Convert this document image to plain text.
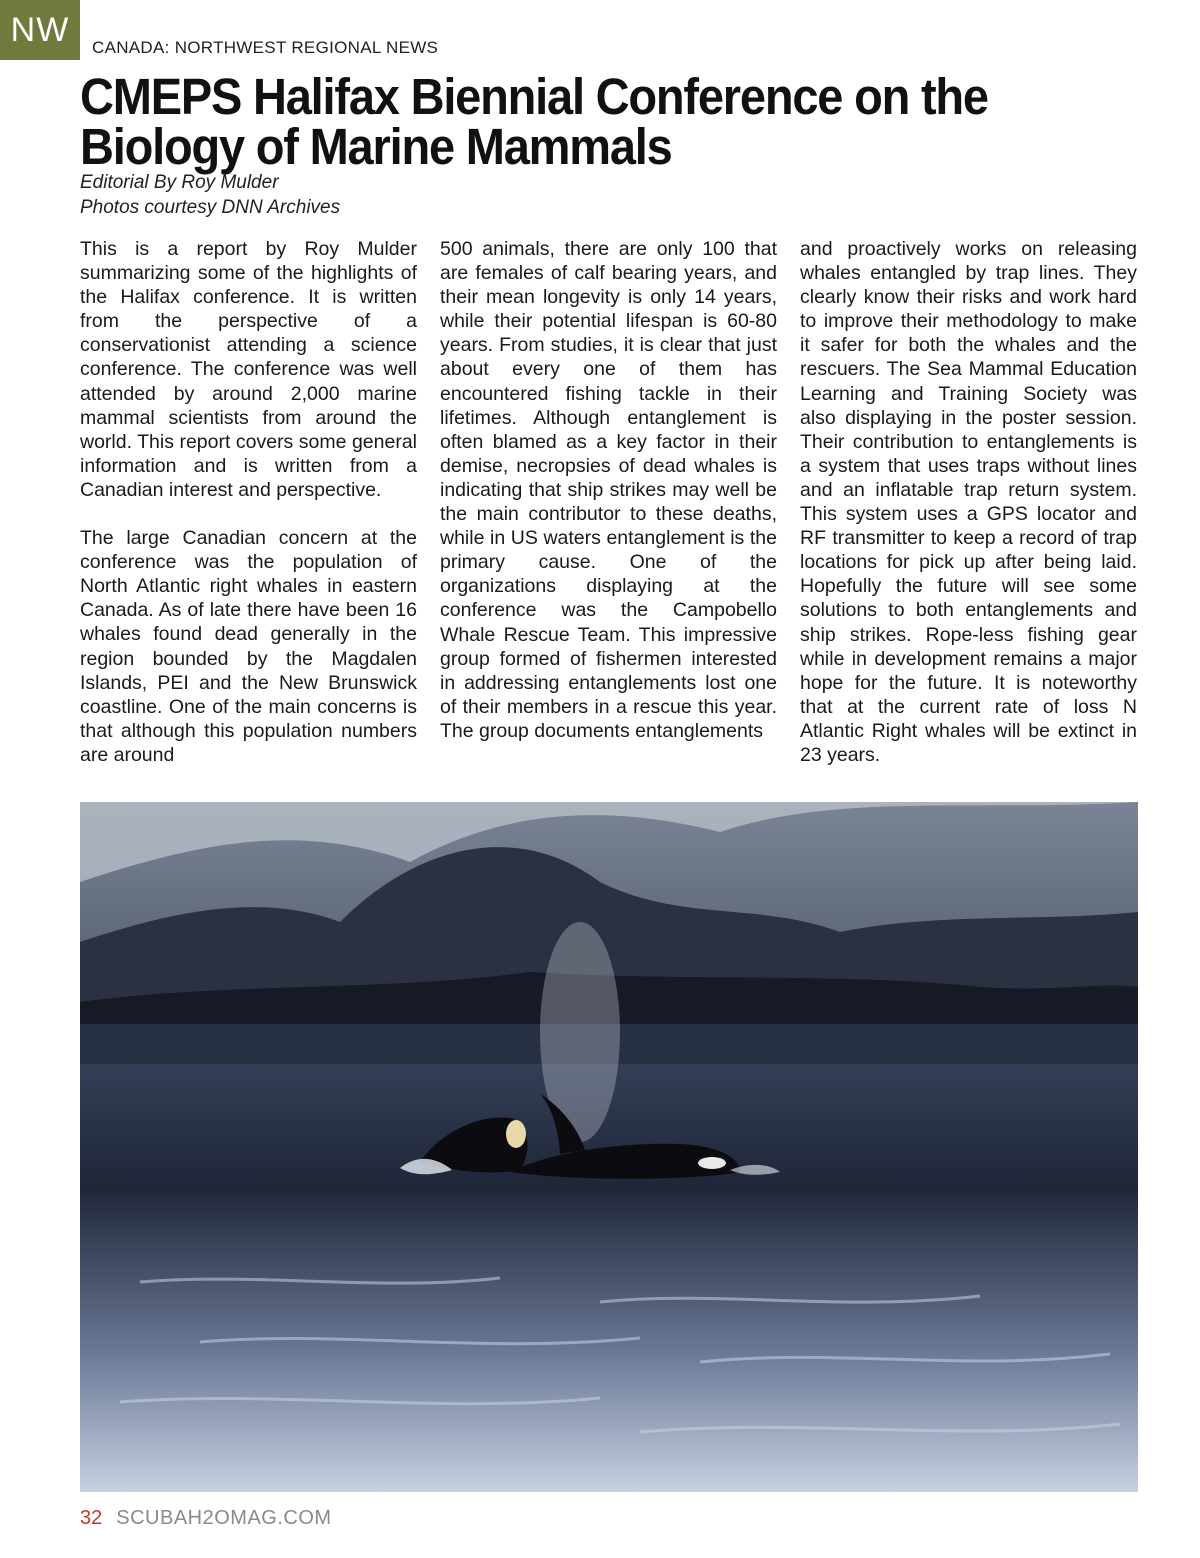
NW	CANADA: NORTHWEST REGIONAL NEWS
CMEPS Halifax Biennial Conference on the Biology of Marine Mammals
Editorial By Roy Mulder
Photos courtesy DNN Archives

This is a report by Roy Mulder summarizing some of the highlights of the Halifax conference. It is written from the perspective of a conservationist attending a science conference. The conference was well attended by around 2,000 marine mammal scientists from around the world. This report covers some general information and is written from a Canadian interest and perspective.

The large Canadian concern at the conference was the population of North Atlantic right whales in eastern Canada. As of late there have been 16 whales found dead generally in the region bounded by the Magdalen Islands, PEI and the New Brunswick coastline. One of the main concerns is that although this population numbers are around

500 animals, there are only 100 that are females of calf bearing years, and their mean longevity is only 14 years, while their potential lifespan is 60-80 years. From studies, it is clear that just about every one of them has encountered fishing tackle in their lifetimes. Although entanglement is often blamed as a key factor in their demise, necropsies of dead whales is indicating that ship strikes may well be the main contributor to these deaths, while in US waters entanglement is the primary cause. One of the organizations displaying at the conference was the Campobello Whale Rescue Team. This impressive group formed of fishermen interested in addressing entanglements lost one of their members in a rescue this year. The group documents entanglements

and proactively works on releasing whales entangled by trap lines. They clearly know their risks and work hard to improve their methodology to make it safer for both the whales and the rescuers. The Sea Mammal Education Learning and Training Society was also displaying in the poster session. Their contribution to entanglements is a system that uses traps without lines and an inflatable trap return system. This system uses a GPS locator and RF transmitter to keep a record of trap locations for pick up after being laid. Hopefully the future will see some solutions to both entanglements and ship strikes. Rope-less fishing gear while in development remains a major hope for the future. It is noteworthy that at the current rate of loss N Atlantic Right whales will be extinct in 23 years.

32 SCUBAH2OMAG.COM
